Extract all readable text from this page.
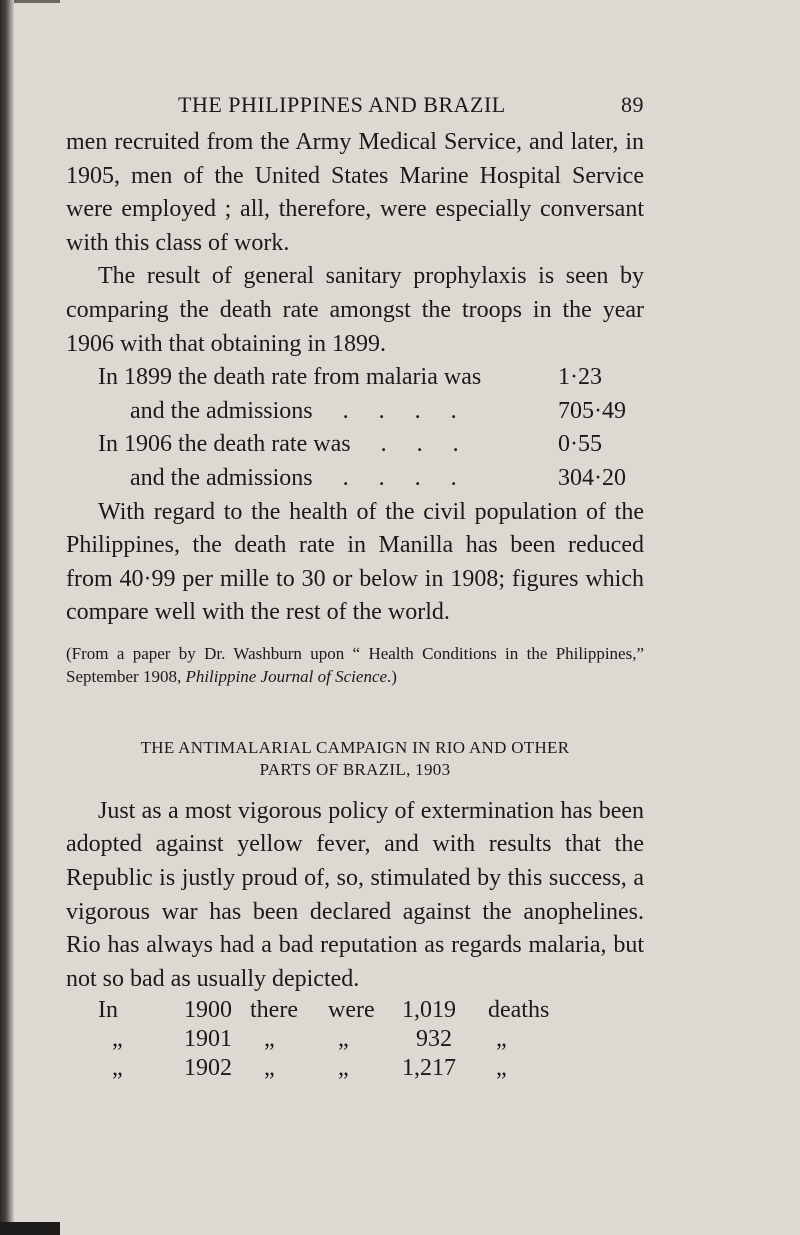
THE PHILIPPINES AND BRAZIL	89

men recruited from the Army Medical Service, and later, in 1905, men of the United States Marine Hospital Service were employed ; all, therefore, were especially conversant with this class of work.

The result of general sanitary prophylaxis is seen by comparing the death rate amongst the troops in the year 1906 with that obtaining in 1899.

In 1899 the death rate from malaria was	1·23
and the admissions     .     .     .     .	705·49
In 1906 the death rate was     .     .     .	0·55
and the admissions     .     .     .     .	304·20

With regard to the health of the civil population of the Philippines, the death rate in Manilla has been reduced from 40·99 per mille to 30 or below in 1908; figures which compare well with the rest of the world.

(From a paper by Dr. Washburn upon “ Health Conditions in the Philippines,” September 1908, Philippine Journal of Science.)
THE ANTIMALARIAL CAMPAIGN IN RIO AND OTHER
PARTS OF BRAZIL, 1903

Just as a most vigorous policy of extermination has been adopted against yellow fever, and with results that the Republic is justly proud of, so, stimulated by this success, a vigorous war has been declared against the anophelines. Rio has always had a bad reputation as regards malaria, but not so bad as usually depicted.

In	1900 there	were	1,019	deaths
„	1901	„	„	932	„
„	1902	„	„	1,217	„
